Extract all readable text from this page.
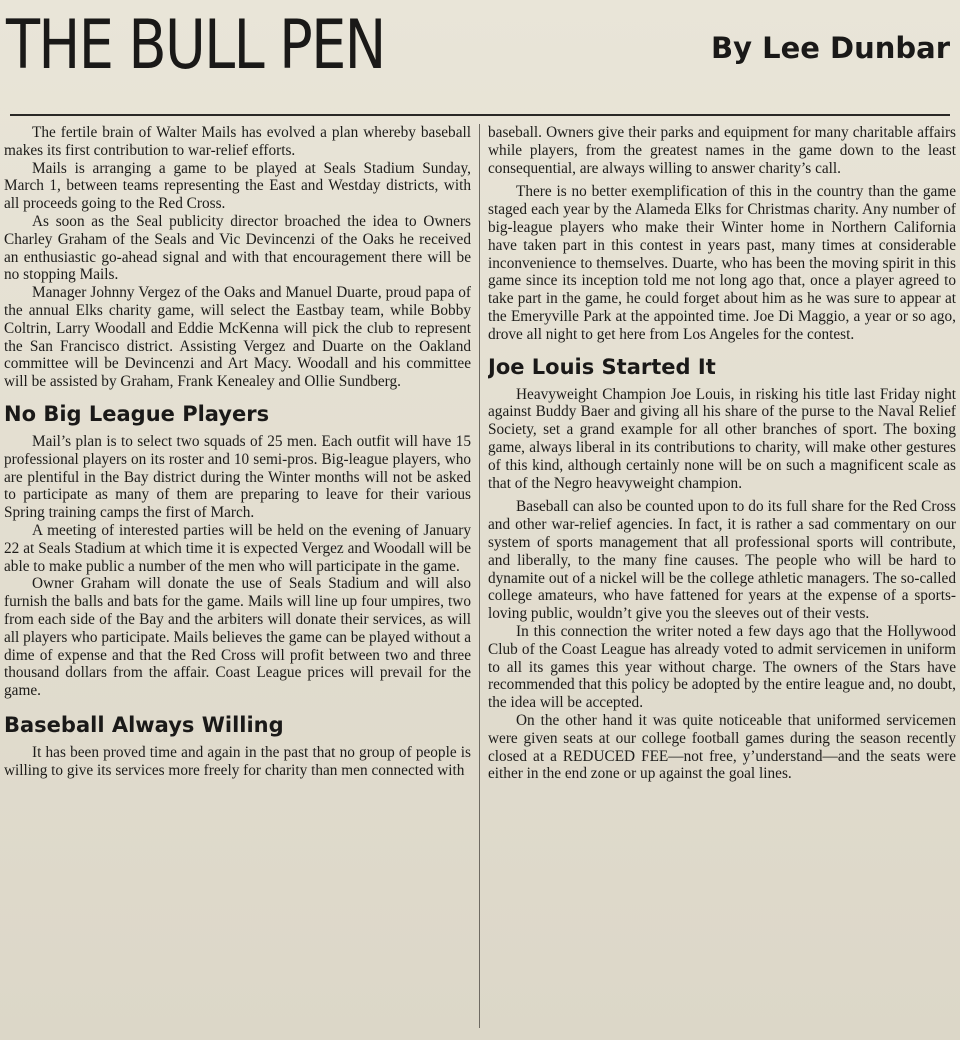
THE BULL PEN	By Lee Dunbar

The fertile brain of Walter Mails has evolved a plan whereby baseball makes its first contribution to war-relief efforts.

Mails is arranging a game to be played at Seals Stadium Sunday, March 1, between teams representing the East and Westday districts, with all proceeds going to the Red Cross.

As soon as the Seal publicity director broached the idea to Owners Charley Graham of the Seals and Vic Devincenzi of the Oaks he received an enthusiastic go-ahead signal and with that encouragement there will be no stopping Mails.

Manager Johnny Vergez of the Oaks and Manuel Duarte, proud papa of the annual Elks charity game, will select the Eastbay team, while Bobby Coltrin, Larry Woodall and Eddie McKenna will pick the club to represent the San Francisco district. Assisting Vergez and Duarte on the Oakland committee will be Devincenzi and Art Macy. Woodall and his committee will be assisted by Graham, Frank Kenealey and Ollie Sundberg.

No Big League Players

Mail’s plan is to select two squads of 25 men. Each outfit will have 15 professional players on its roster and 10 semi-pros. Big-league players, who are plentiful in the Bay district during the Winter months will not be asked to participate as many of them are preparing to leave for their various Spring training camps the first of March.

A meeting of interested parties will be held on the evening of January 22 at Seals Stadium at which time it is expected Vergez and Woodall will be able to make public a number of the men who will participate in the game.

Owner Graham will donate the use of Seals Stadium and will also furnish the balls and bats for the game. Mails will line up four umpires, two from each side of the Bay and the arbiters will donate their services, as will all players who participate. Mails believes the game can be played without a dime of expense and that the Red Cross will profit between two and three thousand dollars from the affair. Coast League prices will prevail for the game.

Baseball Always Willing

It has been proved time and again in the past that no group of people is willing to give its services more freely for charity than men connected with

baseball. Owners give their parks and equipment for many charitable affairs while players, from the greatest names in the game down to the least consequential, are always willing to answer charity’s call.

There is no better exemplification of this in the country than the game staged each year by the Alameda Elks for Christmas charity. Any number of big-league players who make their Winter home in Northern California have taken part in this contest in years past, many times at considerable inconvenience to themselves. Duarte, who has been the moving spirit in this game since its inception told me not long ago that, once a player agreed to take part in the game, he could forget about him as he was sure to appear at the Emeryville Park at the appointed time. Joe Di Maggio, a year or so ago, drove all night to get here from Los Angeles for the contest.

Joe Louis Started It

Heavyweight Champion Joe Louis, in risking his title last Friday night against Buddy Baer and giving all his share of the purse to the Naval Relief Society, set a grand example for all other branches of sport. The boxing game, always liberal in its contributions to charity, will make other gestures of this kind, although certainly none will be on such a magnificent scale as that of the Negro heavyweight champion.

Baseball can also be counted upon to do its full share for the Red Cross and other war-relief agencies. In fact, it is rather a sad commentary on our system of sports management that all professional sports will contribute, and liberally, to the many fine causes. The people who will be hard to dynamite out of a nickel will be the college athletic managers. The so-called college amateurs, who have fattened for years at the expense of a sports-loving public, wouldn’t give you the sleeves out of their vests.

In this connection the writer noted a few days ago that the Hollywood Club of the Coast League has already voted to admit servicemen in uniform to all its games this year without charge. The owners of the Stars have recommended that this policy be adopted by the entire league and, no doubt, the idea will be accepted.

On the other hand it was quite noticeable that uniformed servicemen were given seats at our college football games during the season recently closed at a REDUCED FEE—not free, y’understand—and the seats were either in the end zone or up against the goal lines.
